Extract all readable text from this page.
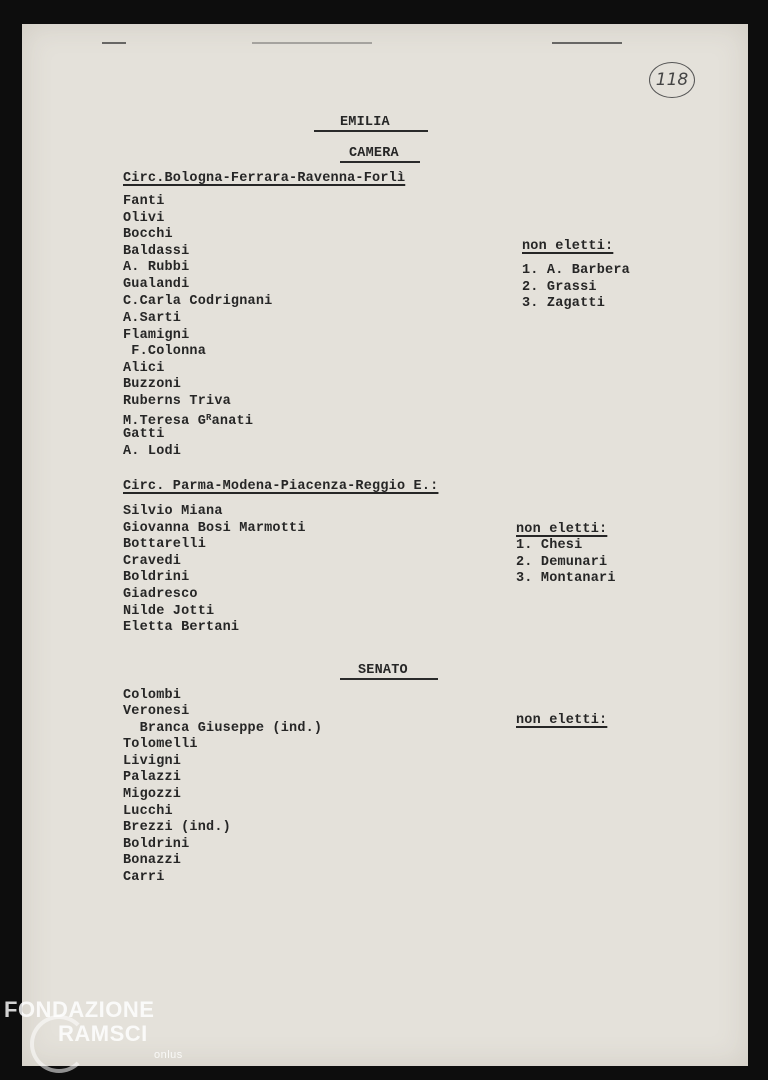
118
EMILIA
CAMERA
Circ.Bologna-Ferrara-Ravenna-Forlì
Fanti
Olivi
Bocchi
Baldassi
A. Rubbi
Gualandi
C.Carla Codrignani
A.Sarti
Flamigni
F.Colonna
Alici
Buzzoni
Ruberns Triva
M.Teresa $G^Ranati$
Gatti
A. Lodi
non eletti:
1. A. Barbera
2. Grassi
3. Zagatti
Circ. Parma-Modena-Piacenza-Reggio E.:
Silvio Miana
Giovanna Bosi Marmotti
Bottarelli
Cravedi
Boldrini
Giadresco
Nilde Jotti
Eletta Bertani
non eletti:
1. Chesi
2. Demunari
3. Montanari
SENATO
Colombi
Veronesi
Branca Giuseppe (ind.)
Tolomelli
Livigni
Palazzi
Migozzi
Lucchi
Brezzi (ind.)
Boldrini
Bonazzi
Carri
non eletti:
FONDAZIONE
RAMSCI
onlus
